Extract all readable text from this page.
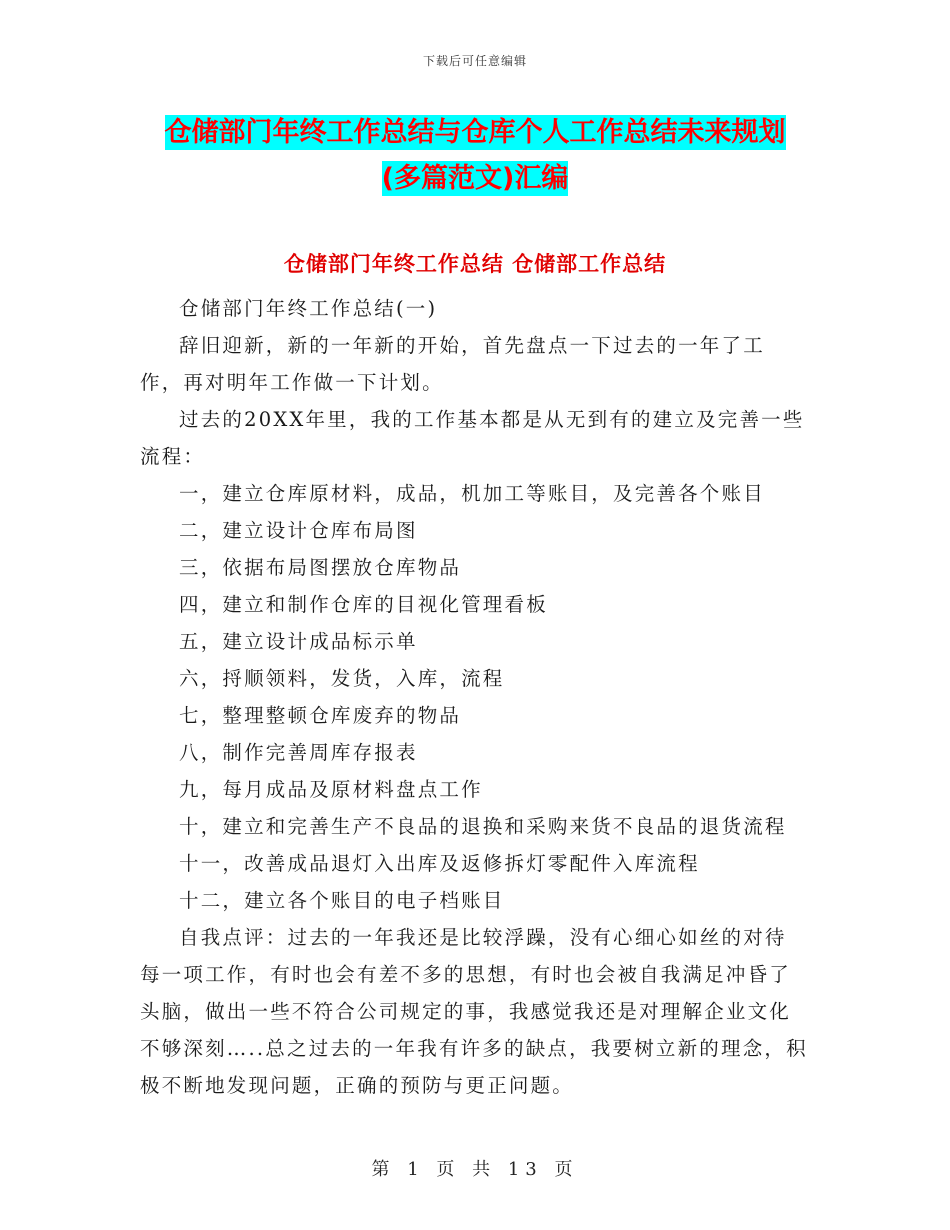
下载后可任意编辑
仓储部门年终工作总结与仓库个人工作总结未来规划
(多篇范文)汇编
仓储部门年终工作总结 仓储部工作总结

仓储部门年终工作总结(一)

辞旧迎新，新的一年新的开始，首先盘点一下过去的一年了工作，再对明年工作做一下计划。

过去的20XX年里，我的工作基本都是从无到有的建立及完善一些流程：

一，建立仓库原材料，成品，机加工等账目，及完善各个账目

二，建立设计仓库布局图

三，依据布局图摆放仓库物品

四，建立和制作仓库的目视化管理看板

五，建立设计成品标示单

六，捋顺领料，发货，入库，流程

七，整理整顿仓库废弃的物品

八，制作完善周库存报表

九，每月成品及原材料盘点工作

十，建立和完善生产不良品的退换和采购来货不良品的退货流程

十一，改善成品退灯入出库及返修拆灯零配件入库流程

十二，建立各个账目的电子档账目

自我点评：过去的一年我还是比较浮躁，没有心细心如丝的对待每一项工作，有时也会有差不多的思想，有时也会被自我满足冲昏了头脑，做出一些不符合公司规定的事，我感觉我还是对理解企业文化不够深刻…..总之过去的一年我有许多的缺点，我要树立新的理念，积极不断地发现问题，正确的预防与更正问题。

第 1 页 共 13 页
